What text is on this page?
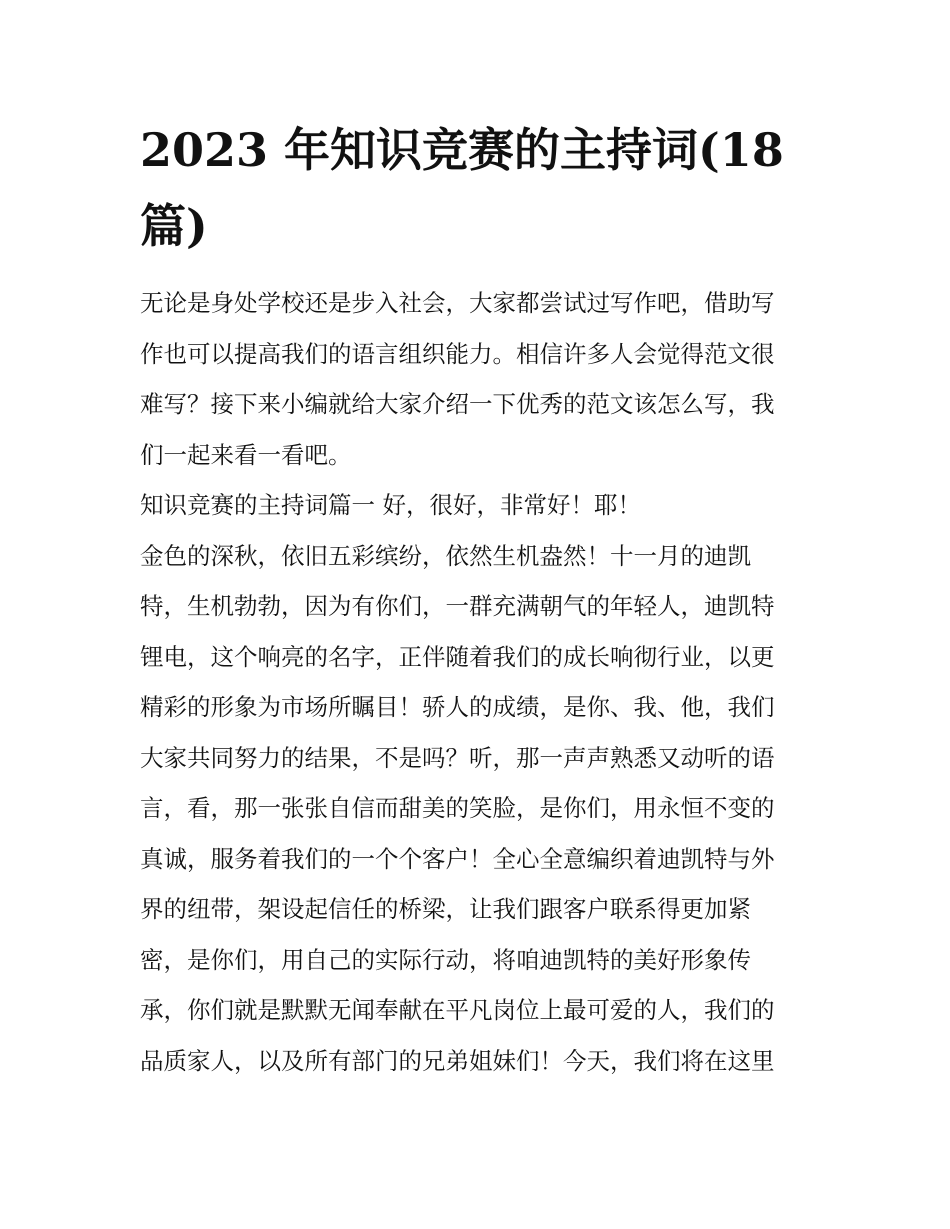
2023 年知识竞赛的主持词(18
篇)
无论是身处学校还是步入社会，大家都尝试过写作吧，借助写
作也可以提高我们的语言组织能力。相信许多人会觉得范文很
难写？接下来小编就给大家介绍一下优秀的范文该怎么写，我
们一起来看一看吧。
知识竞赛的主持词篇一 好，很好，非常好！耶！
金色的深秋，依旧五彩缤纷，依然生机盎然！十一月的迪凯
特，生机勃勃，因为有你们，一群充满朝气的年轻人，迪凯特
锂电，这个响亮的名字，正伴随着我们的成长响彻行业，以更
精彩的形象为市场所瞩目！骄人的成绩，是你、我、他，我们
大家共同努力的结果，不是吗？听，那一声声熟悉又动听的语
言，看，那一张张自信而甜美的笑脸，是你们，用永恒不变的
真诚，服务着我们的一个个客户！全心全意编织着迪凯特与外
界的纽带，架设起信任的桥梁，让我们跟客户联系得更加紧
密，是你们，用自己的实际行动，将咱迪凯特的美好形象传
承，你们就是默默无闻奉献在平凡岗位上最可爱的人，我们的
品质家人，以及所有部门的兄弟姐妹们！今天，我们将在这里
